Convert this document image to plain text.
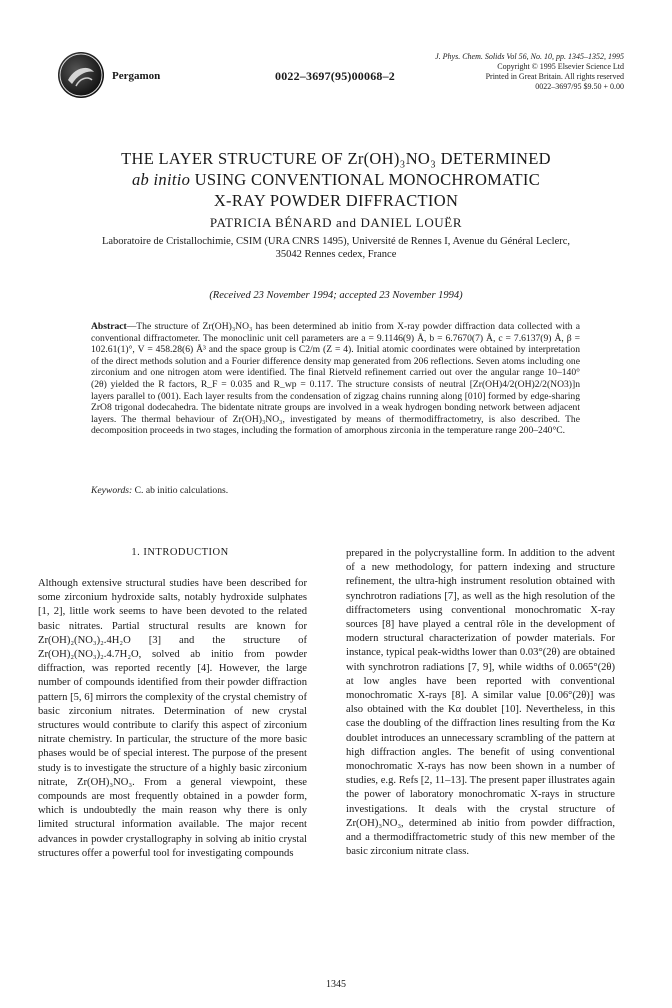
Pergamon	0022–3697(95)00068–2
J. Phys. Chem. Solids Vol 56, No. 10, pp. 1345–1352, 1995
Copyright © 1995 Elsevier Science Ltd
Printed in Great Britain. All rights reserved
0022–3697/95 $9.50 + 0.00
THE LAYER STRUCTURE OF Zr(OH)₃NO₃ DETERMINED
ab initio USING CONVENTIONAL MONOCHROMATIC
X-RAY POWDER DIFFRACTION
PATRICIA BÉNARD and DANIEL LOUËR
Laboratoire de Cristallochimie, CSIM (URA CNRS 1495), Université de Rennes I, Avenue du Général Leclerc,
35042 Rennes cedex, France
(Received 23 November 1994; accepted 23 November 1994)
Abstract—The structure of Zr(OH)₃NO₃ has been determined ab initio from X-ray powder diffraction data collected with a conventional diffractometer. The monoclinic unit cell parameters are a = 9.1146(9) Å, b = 6.7670(7) Å, c = 7.6137(9) Å, β = 102.61(1)°, V = 458.28(6) Å³ and the space group is C2/m (Z = 4). Initial atomic coordinates were obtained by interpretation of the direct methods solution and a Fourier difference density map generated from 206 reflections. Seven atoms including one zirconium and one nitrogen atom were identified. The final Rietveld refinement carried out over the angular range 10–140° (2θ) yielded the R factors, R_F = 0.035 and R_wp = 0.117. The structure consists of neutral [Zr(OH)4/2(OH)2/2(NO3)]n layers parallel to (001). Each layer results from the condensation of zigzag chains running along [010] formed by edge-sharing ZrO8 trigonal dodecahedra. The bidentate nitrate groups are involved in a weak hydrogen bonding network between adjacent layers. The thermal behaviour of Zr(OH)₃NO₃, investigated by means of thermodiffractometry, is also described. The decomposition proceeds in two stages, including the formation of amorphous zirconia in the temperature range 200–240°C.
Keywords: C. ab initio calculations.
1. INTRODUCTION

Although extensive structural studies have been described for some zirconium hydroxide salts, notably hydroxide sulphates [1, 2], little work seems to have been devoted to the related basic nitrates. Partial structural results are known for Zr(OH)₂(NO₃)₂.4H₂O [3] and the structure of Zr(OH)₂(NO₃)₂.4.7H₂O, solved ab initio from powder diffraction, was reported recently [4]. However, the large number of compounds identified from their powder diffraction pattern [5, 6] mirrors the complexity of the crystal chemistry of basic zirconium nitrates. Determination of new crystal structures would contribute to clarify this aspect of zirconium nitrate chemistry. In particular, the structure of the more basic phases would be of special interest. The purpose of the present study is to investigate the structure of a highly basic zirconium nitrate, Zr(OH)₃NO₃. From a general viewpoint, these compounds are most frequently obtained in a powder form, which is undoubtedly the main reason why there is only limited structural information available. The major recent advances in powder crystallography in solving ab initio crystal structures offer a powerful tool for investigating compounds

prepared in the polycrystalline form. In addition to the advent of a new methodology, for pattern indexing and structure refinement, the ultra-high instrument resolution obtained with synchrotron radiations [7], as well as the high resolution of the diffractometers using conventional monochromatic X-ray sources [8] have played a central rôle in the development of modern structural characterization of powder materials. For instance, typical peak-widths lower than 0.03°(2θ) are obtained with synchrotron radiations [7, 9], while widths of 0.065°(2θ) at low angles have been reported with conventional monochromatic X-rays [8]. A similar value [0.06°(2θ)] was also obtained with the Kα doublet [10]. Nevertheless, in this case the doubling of the diffraction lines resulting from the Kα doublet introduces an unnecessary scrambling of the pattern at high diffraction angles. The benefit of using conventional monochromatic X-rays has now been shown in a number of studies, e.g. Refs [2, 11–13]. The present paper illustrates again the power of laboratory monochromatic X-rays in structure investigations. It deals with the crystal structure of Zr(OH)₃NO₃, determined ab initio from powder diffraction, and a thermodiffractometric study of this new member of the basic zirconium nitrate class.

1345
